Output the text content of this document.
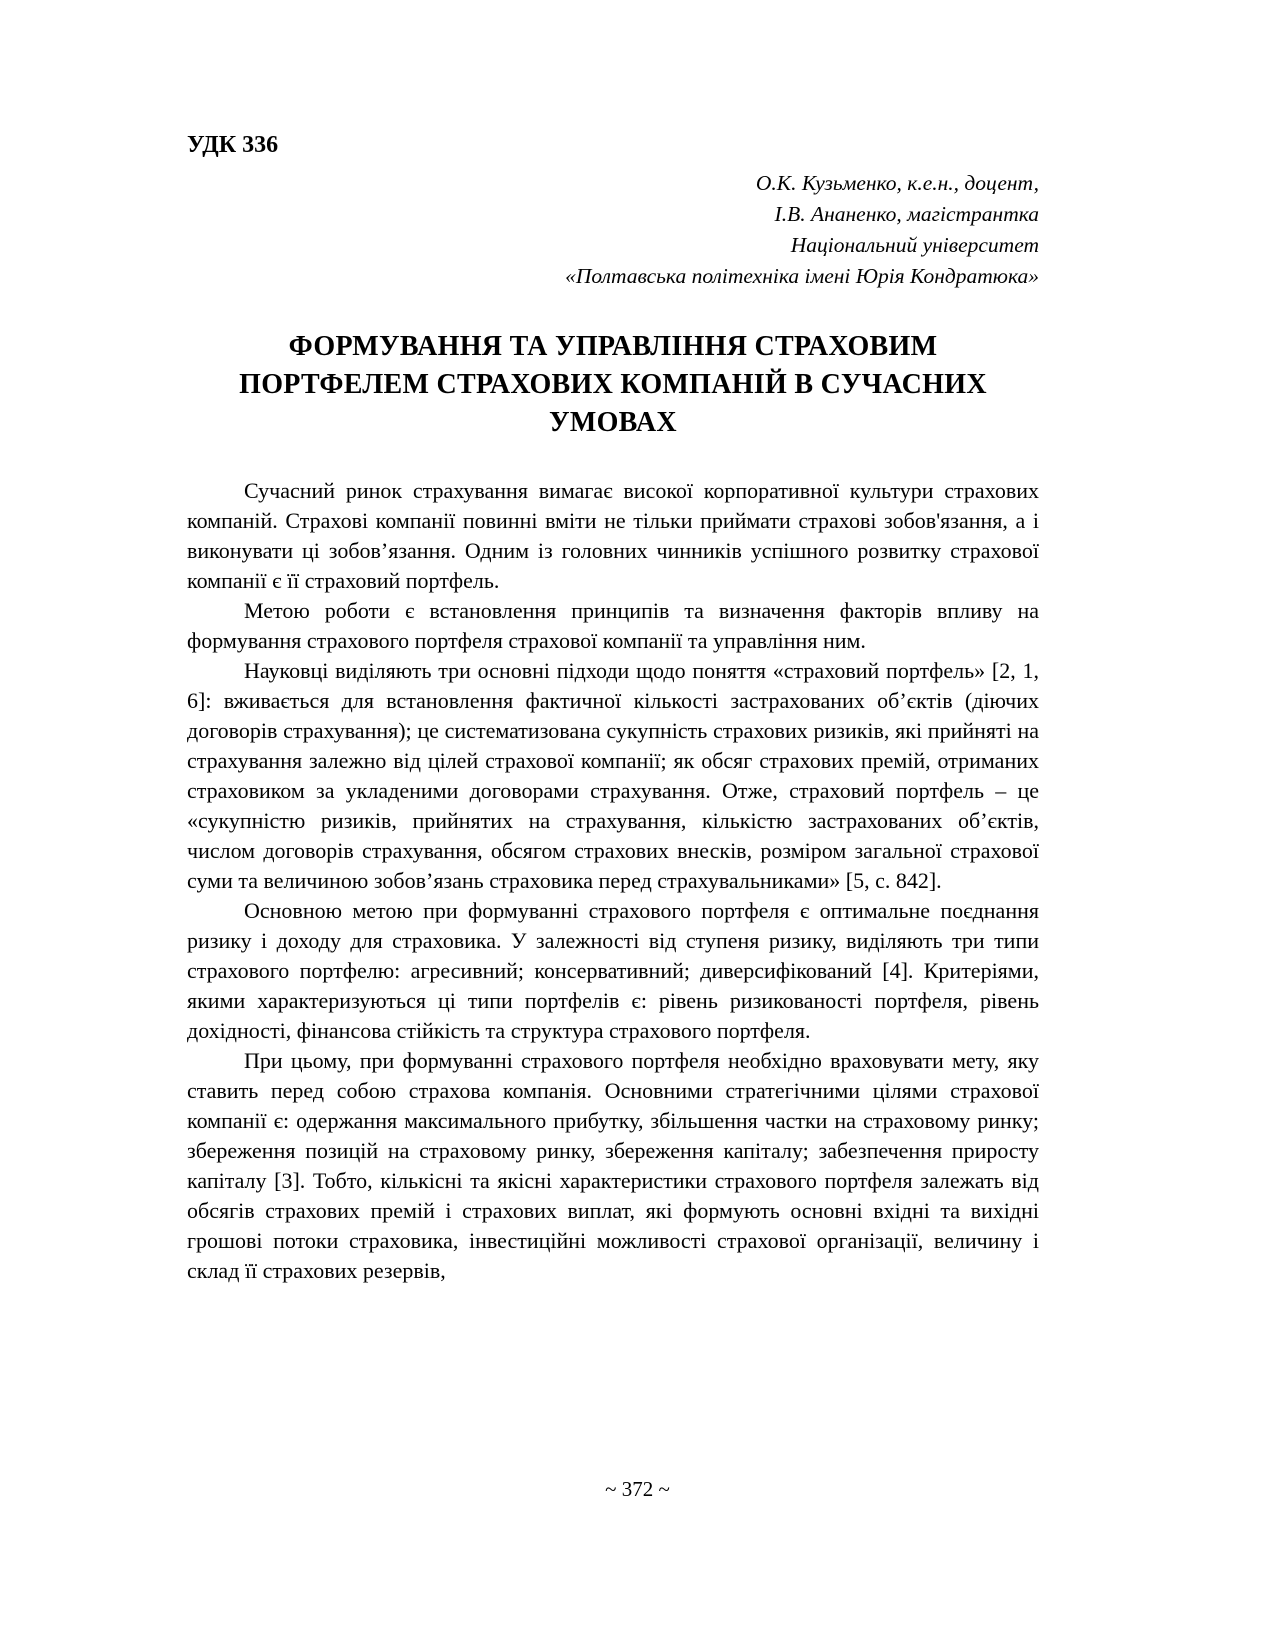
УДК 336
О.К. Кузьменко, к.е.н., доцент,
І.В. Ананенко, магістрантка
Національний університет
«Полтавська політехніка імені Юрія Кондратюка»
ФОРМУВАННЯ ТА УПРАВЛІННЯ СТРАХОВИМ
ПОРТФЕЛЕМ СТРАХОВИХ КОМПАНІЙ В СУЧАСНИХ
УМОВАХ

Сучасний ринок страхування вимагає високої корпоративної культури страхових компаній. Страхові компанії повинні вміти не тільки приймати страхові зобов'язання, а і виконувати ці зобов’язання. Одним із головних чинників успішного розвитку страхової компанії є її страховий портфель.

Метою роботи є встановлення принципів та визначення факторів впливу на формування страхового портфеля страхової компанії та управління ним.

Науковці виділяють три основні підходи щодо поняття «страховий портфель» [2, 1, 6]: вживається для встановлення фактичної кількості застрахованих об’єктів (діючих договорів страхування); це систематизована сукупність страхових ризиків, які прийняті на страхування залежно від цілей страхової компанії; як обсяг страхових премій, отриманих страховиком за укладеними договорами страхування. Отже, страховий портфель – це «сукупністю ризиків, прийнятих на страхування, кількістю застрахованих об’єктів, числом договорів страхування, обсягом страхових внесків, розміром загальної страхової суми та величиною зобов’язань страховика перед страхувальниками» [5, с. 842].

Основною метою при формуванні страхового портфеля є оптимальне поєднання ризику і доходу для страховика. У залежності від ступеня ризику, виділяють три типи страхового портфелю: агресивний; консервативний; диверсифікований [4]. Критеріями, якими характеризуються ці типи портфелів є: рівень ризикованості портфеля, рівень дохідності, фінансова стійкість та структура страхового портфеля.

При цьому, при формуванні страхового портфеля необхідно враховувати мету, яку ставить перед собою страхова компанія. Основними стратегічними цілями страхової компанії є: одержання максимального прибутку, збільшення частки на страховому ринку; збереження позицій на страховому ринку, збереження капіталу; забезпечення приросту капіталу [3]. Тобто, кількісні та якісні характеристики страхового портфеля залежать від обсягів страхових премій і страхових виплат, які формують основні вхідні та вихідні грошові потоки страховика, інвестиційні можливості страхової організації, величину і склад її страхових резервів,

~ 372 ~
